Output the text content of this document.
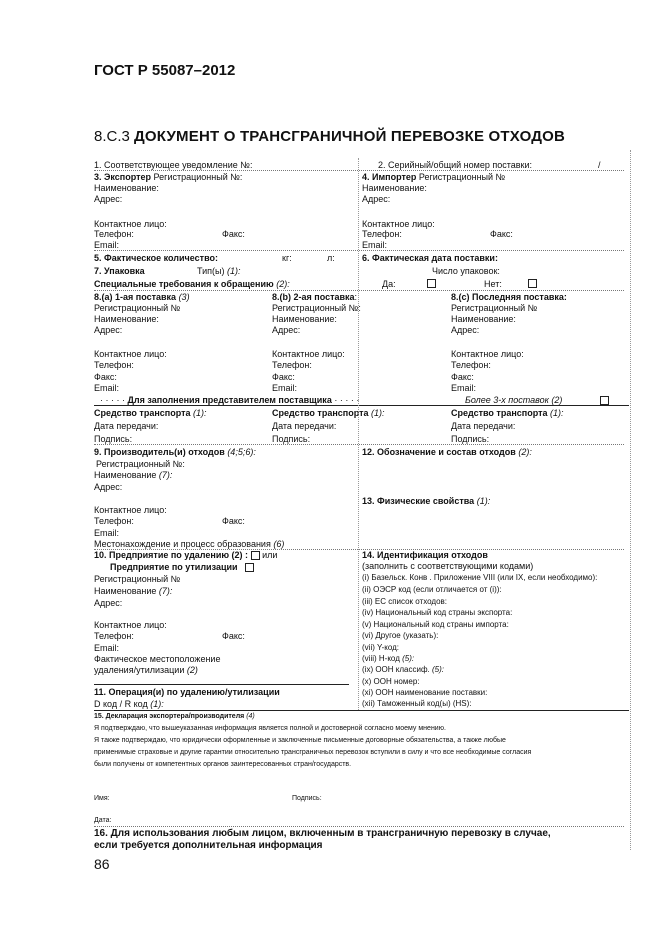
ГОСТ Р 55087–2012
8.С.3 ДОКУМЕНТ О ТРАНСГРАНИЧНОЙ ПЕРЕВОЗКЕ ОТХОДОВ
1. Соответствующее уведомление №:	2. Серийный/общий номер поставки:	/
3. Экспортер Регистрационный №:
Наименование:
Адрес:
Контактное лицо:
Телефон:	Факс:
Email:
4. Импортер Регистрационный №
Наименование:
Адрес:
Контактное лицо:
Телефон:	Факс:
Email:
5. Фактическое количество:	кг:	л:	6. Фактическая дата поставки:
7. Упаковка	Тип(ы) (1):	Число упаковок:
Специальные требования к обращению (2):	Да:	Нет:
8.(а) 1-ая поставка (3)	8.(b) 2-ая поставка:	8.(с) Последняя поставка:
Регистрационный №	Регистрационный №:	Регистрационный №
Наименование:	Наименование:	Наименование:
Адрес:	Адрес:	Адрес:
Контактное лицо:	Контактное лицо:	Контактное лицо:
Телефон:	Телефон:	Телефон:
Факс:	Факс:	Факс:
Email:	Email:	Email:
· · · · · Для заполнения представителем поставщика · · · · ·	Более 3-х поставок (2)
Средство транспорта (1):	Средство транспорта (1):	Средство транспорта (1):
Дата передачи:	Дата передачи:	Дата передачи:
Подпись:	Подпись:	Подпись:
9. Производитель(и) отходов (4;5;6):
Регистрационный №:
Наименование (7):
Адрес:
Контактное лицо:
Телефон:	Факс:
Email:
Местонахождение и процесс образования (6)
12. Обозначение и состав отходов (2):
13. Физические свойства (1):
10. Предприятие по удалению (2) : или
Предприятие по утилизации
Регистрационный №
Наименование (7):
Адрес:
Контактное лицо:
Телефон:	Факс:
Email:
Фактическое местоположение
удаления/утилизации (2)
11. Операция(и) по удалению/утилизации
D код / R код (1):
14. Идентификация отходов
(заполнить с соответствующими кодами)
(i) Базельск. Конв . Приложение VIII (или IX, если необходимо):
(ii) ОЭСР код (если отличается от (i)):
(iii) ЕС список отходов:
(iv) Национальный код страны экспорта:
(v) Национальный код страны импорта:
(vi) Другое (указать):
(vii) Y-код:
(viii) H-код (5):
(ix) ООН классиф. (5):
(x) ООН номер:
(xi) ООН наименование поставки:
(xii) Таможенный код(ы) (HS):
15. Декларация экспортера/производителя (4)
Я подтверждаю, что вышеуказанная информация является полной и достоверной согласно моему мнению.
Я также подтверждаю, что юридически оформленные и заключенные письменные договорные обязательства, а также любые
применимые страховые и другие гарантии относительно трансграничных перевозок вступили в силу и что все необходимые согласия
были получены от компетентных органов заинтересованных стран/государств.
Имя:	Подпись:
Дата:
16. Для использования любым лицом, включенным в трансграничную перевозку в случае,
если требуется дополнительная информация
86
